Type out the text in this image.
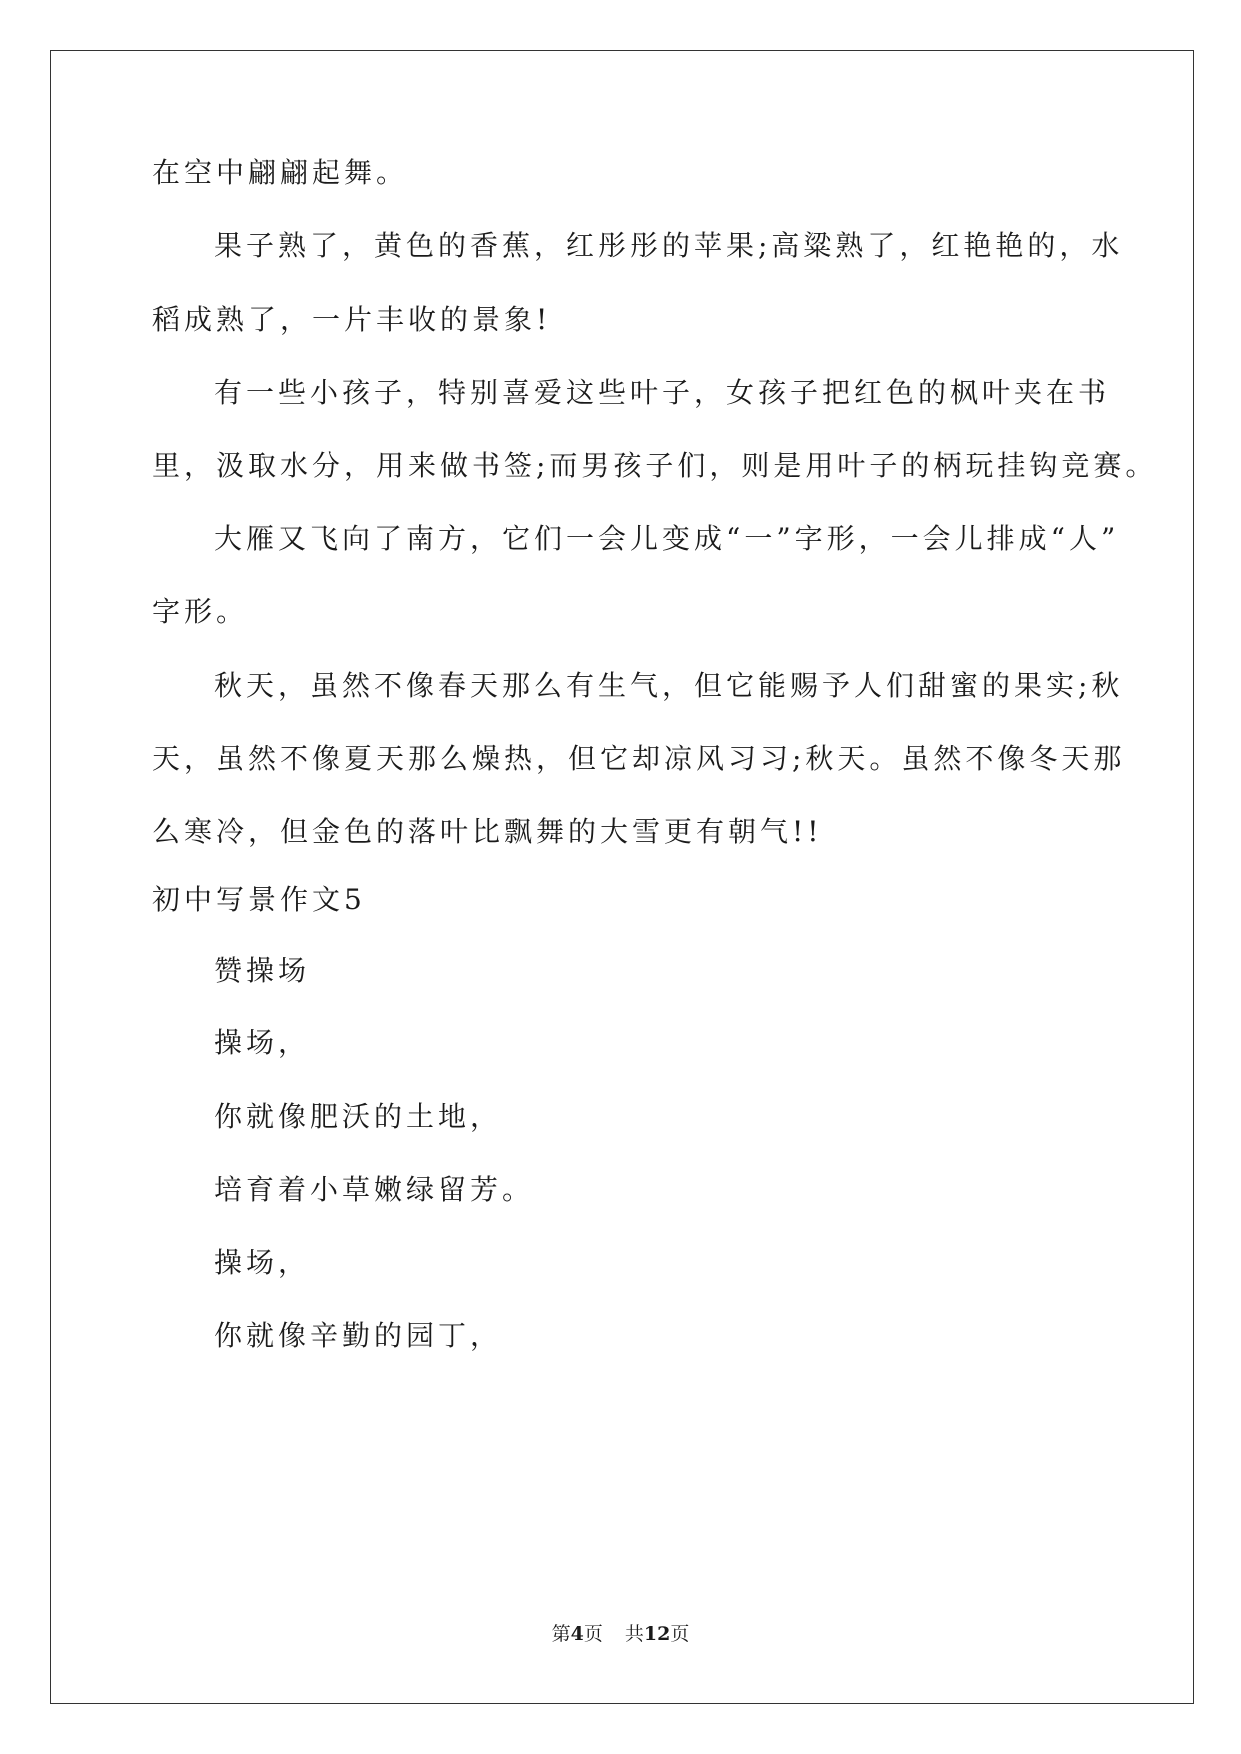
在空中翩翩起舞。
果子熟了，黄色的香蕉，红彤彤的苹果;高粱熟了，红艳艳的，水
稻成熟了，一片丰收的景象!
有一些小孩子，特别喜爱这些叶子，女孩子把红色的枫叶夹在书
里，汲取水分，用来做书签;而男孩子们，则是用叶子的柄玩挂钩竞赛。
大雁又飞向了南方，它们一会儿变成“一”字形，一会儿排成“人”
字形。
秋天，虽然不像春天那么有生气，但它能赐予人们甜蜜的果实;秋
天，虽然不像夏天那么燥热，但它却凉风习习;秋天。虽然不像冬天那
么寒冷，但金色的落叶比飘舞的大雪更有朝气!!
初中写景作文5
赞操场
操场，
你就像肥沃的土地，
培育着小草嫩绿留芳。
操场，
你就像辛勤的园丁，
第4页 共12页
